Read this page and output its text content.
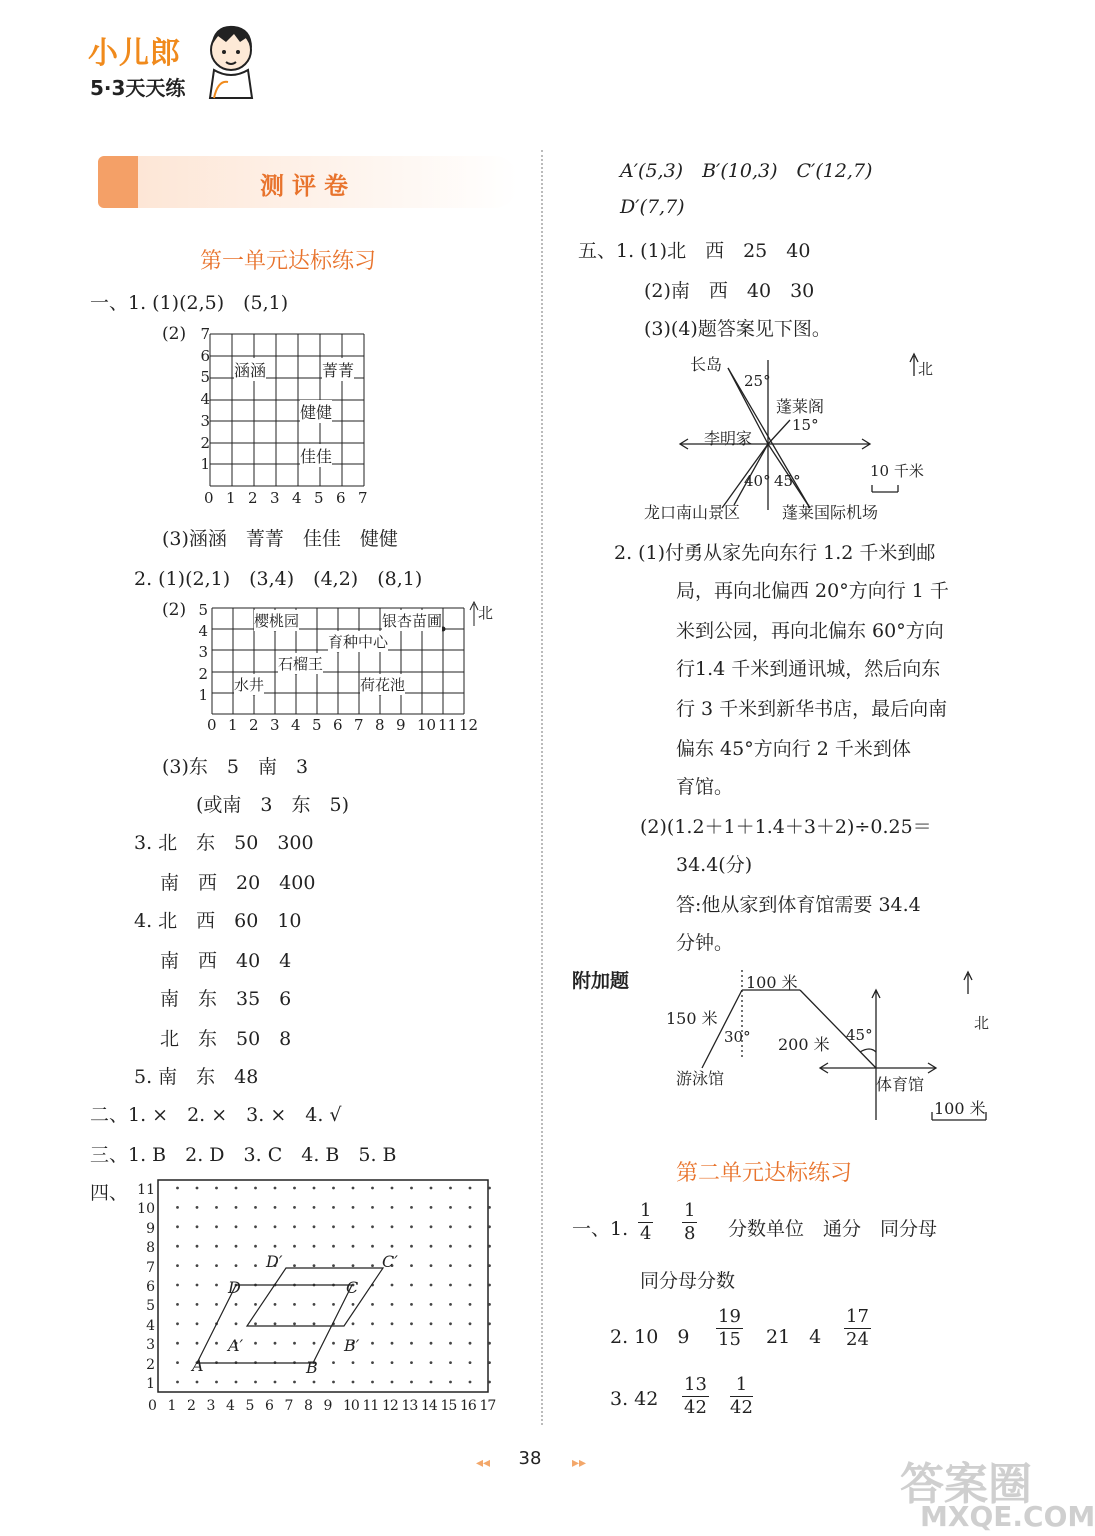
小儿郎
5·3天天练
测评卷
第一单元达标练习
一、1. (1)(2,5)　(5,1)
(2) 7
6
5
4
3
2
1
0 1 2 3 4 5 6 7
涵涵	菁菁
健健
佳佳
(3)涵涵　菁菁　佳佳　健健
2. (1)(2,1)　(3,4)　(4,2)　(8,1)
(2) 5
4
3
2
1
0 1 2 3 4 5 6 7 8 9 10 11 12
樱桃园	银杏苗圃
育种中心
石榴王
水井	荷花池
北
(3)东　5　南　3
(或南　3　东　5)
3. 北　东　50　300
南　西　20　400
4. 北　西　60　10
南　西　40　4
南　东　35　6
北　东　50　8
5. 南　东　48
二、1. ×　2. ×　3. ×　4. √
三、1. B　2. D　3. C　4. B　5. B
四、 11
10
9
8
7
6
5
4
3
2
1
0 1 2 3 4 5 6 7 8 9 10 11 12 13 14 15 16 17
A	B
C
D
A′	B′
C′
D′
A′(5,3)　B′(10,3)　C′(12,7)
D′(7,7)
五、1. (1)北　西　25　40
(2)南　西　40　30
(3)(4)题答案见下图。
长岛
蓬莱阁
李明家
龙口南山景区	蓬莱国际机场
25°
15°
40° 45°
北
10 千米
2. (1)付勇从家先向东行 1.2 千米到邮
局，再向北偏西 20°方向行 1 千
米到公园，再向北偏东 60°方向
行1.4 千米到通讯城，然后向东
行 3 千米到新华书店，最后向南
偏东 45°方向行 2 千米到体
育馆。
(2)(1.2＋1＋1.4＋3＋2)÷0.25＝
34.4(分)
答:他从家到体育馆需要 34.4
分钟。
附加题	100 米
150 米
200 米
游泳馆	体育馆
100 米
30°	45°
北
第二单元达标练习
一、1. $\frac{1}{4} \frac{1}{8}$ 分数单位　通分　同分母
同分母分数
2. 10　$9 \frac{19}{15} 21$　$4 \frac{17}{24}$
3. $42 \frac{13}{42} \frac{1}{42}$
◂◂	38	▸▸	答案圈
MXQE.COM
